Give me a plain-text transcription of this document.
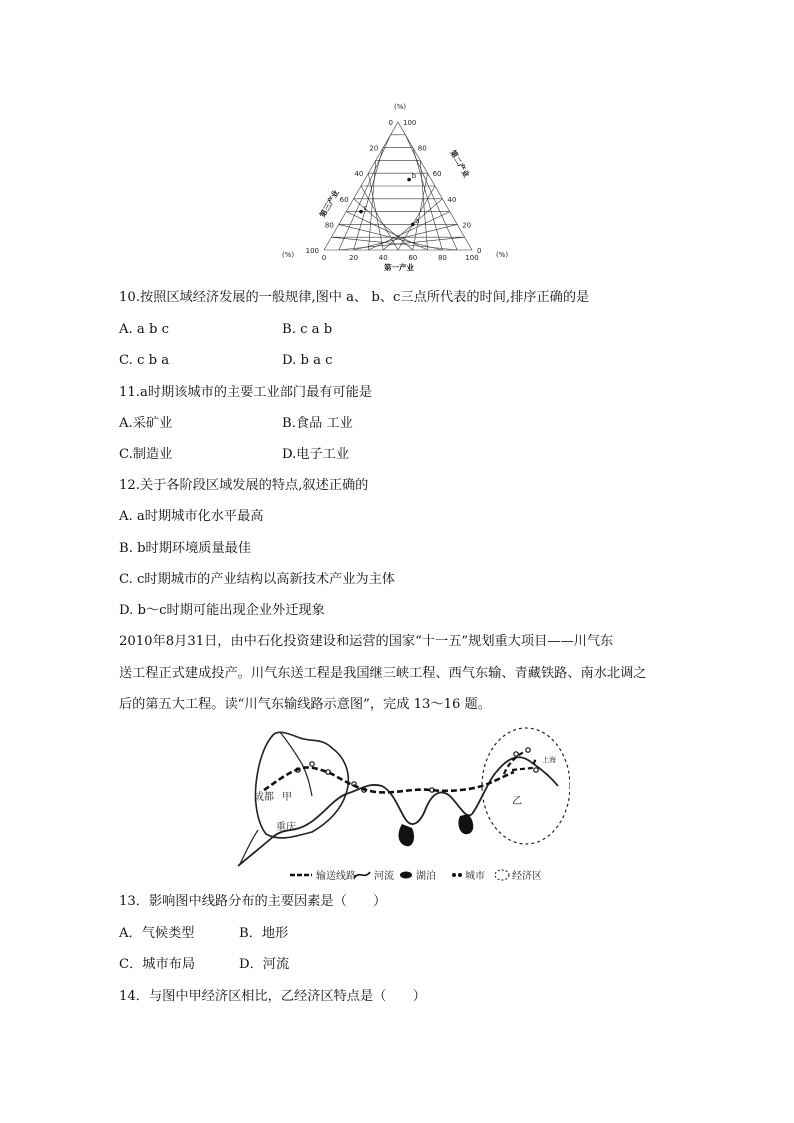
(%)
(%)	(%)
0	20	40	60	80	100
0
20
40
60
80
100
100
80
60
40
20
0
b
c
a
第一产业
第三产业
第二产业
10.按照区域经济发展的一般规律,图中 a、 b、c三点所代表的时间,排序正确的是
A. a b c	B. c a b
C. c b a	D. b a c
11.a时期该城市的主要工业部门最有可能是
A.采矿业	B.食品 工业
C.制造业	D.电子工业
12.关于各阶段区域发展的特点,叙述正确的
A. a时期城市化水平最高
B. b时期环境质量最佳
C. c时期城市的产业结构以高新技术产业为主体
D. b～c时期可能出现企业外迁现象
2010年8月31日，由中石化投资建设和运营的国家“十一五”规划重大项目——川气东
送工程正式建成投产。川气东送工程是我国继三峡工程、西气东输、青藏铁路、南水北调之
后的第五大工程。读“川气东输线路示意图”，完成 13～16 题。
成都 甲
重庆
乙
上海
输送线路 河流 湖泊	城市	经济区
13．影响图中线路分布的主要因素是（　　）
A．气候类型	B．地形
C．城市布局	D．河流
14．与图中甲经济区相比，乙经济区特点是（　　）
